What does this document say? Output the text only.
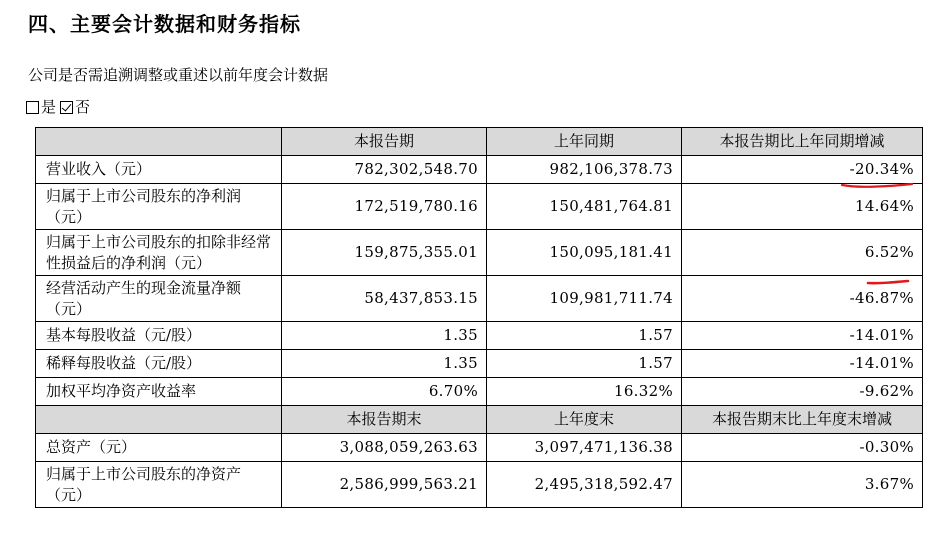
四、主要会计数据和财务指标
公司是否需追溯调整或重述以前年度会计数据
是 否
	本报告期	上年同期	本报告期比上年同期增减
营业收入（元）	782,302,548.70	982,106,378.73	-20.34%
归属于上市公司股东的净利润（元）	172,519,780.16	150,481,764.81	14.64%
归属于上市公司股东的扣除非经常性损益后的净利润（元）	159,875,355.01	150,095,181.41	6.52%
经营活动产生的现金流量净额（元）	58,437,853.15	109,981,711.74	-46.87%
基本每股收益（元/股）	1.35	1.57	-14.01%
稀释每股收益（元/股）	1.35	1.57	-14.01%
加权平均净资产收益率	6.70%	16.32%	-9.62%
	本报告期末	上年度末	本报告期末比上年度末增减
总资产（元）	3,088,059,263.63	3,097,471,136.38	-0.30%
归属于上市公司股东的净资产（元）	2,586,999,563.21	2,495,318,592.47	3.67%
